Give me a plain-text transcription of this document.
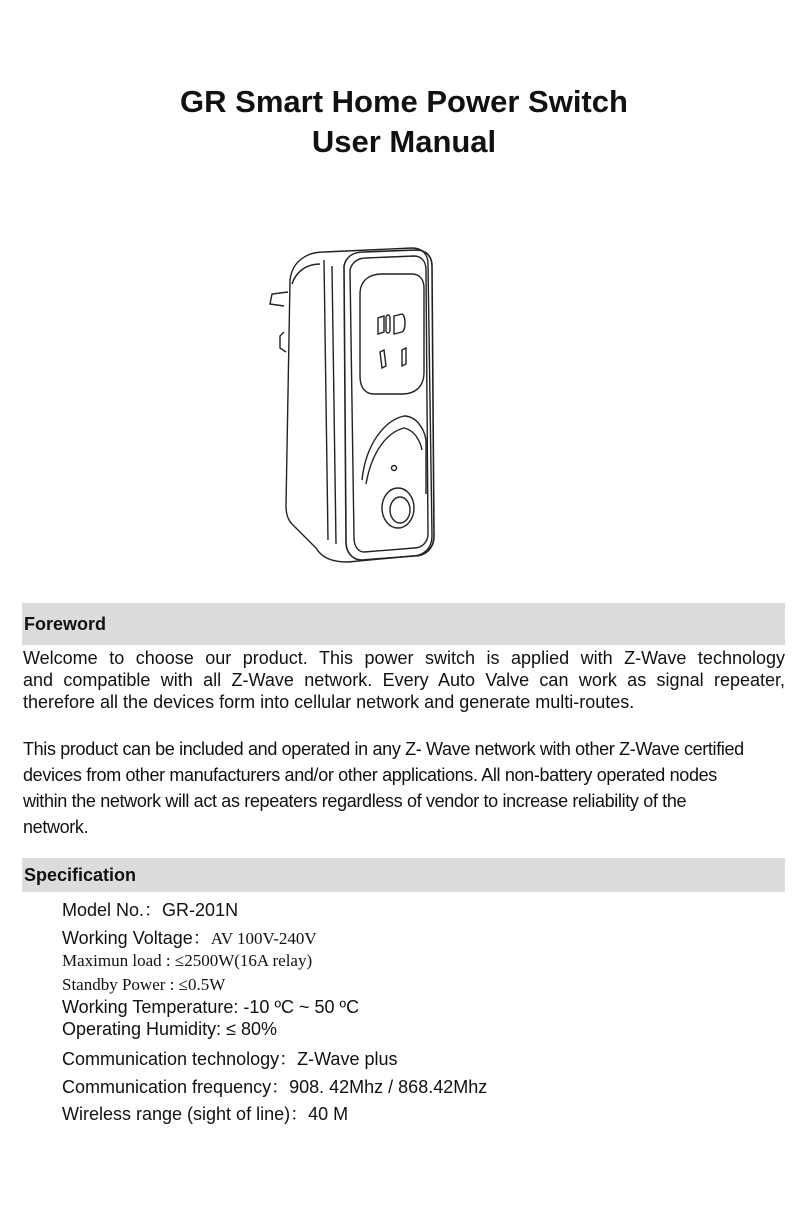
GR Smart Home Power Switch
User Manual
Foreword
Welcome to choose our product. This power switch is applied with Z-Wave technology
and compatible with all Z-Wave network. Every Auto Valve can work as signal repeater,
therefore all the devices form into cellular network and generate multi-routes.
This product can be included and operated in any Z- Wave network with other Z-Wave certified
devices from other manufacturers and/or other applications. All non-battery operated nodes
within the network will act as repeaters regardless of vendor to increase reliability of the
network.
Specification
Model No.：GR-201N
Working Voltage：AV 100V-240V
Maximun load : ≤2500W(16A relay)
Standby Power : ≤0.5W
Working Temperature: -10 ºC ~ 50 ºC
Operating Humidity: ≤ 80%
Communication technology：Z-Wave plus
Communication frequency：908. 42Mhz / 868.42Mhz
Wireless range (sight of line)：40 M
